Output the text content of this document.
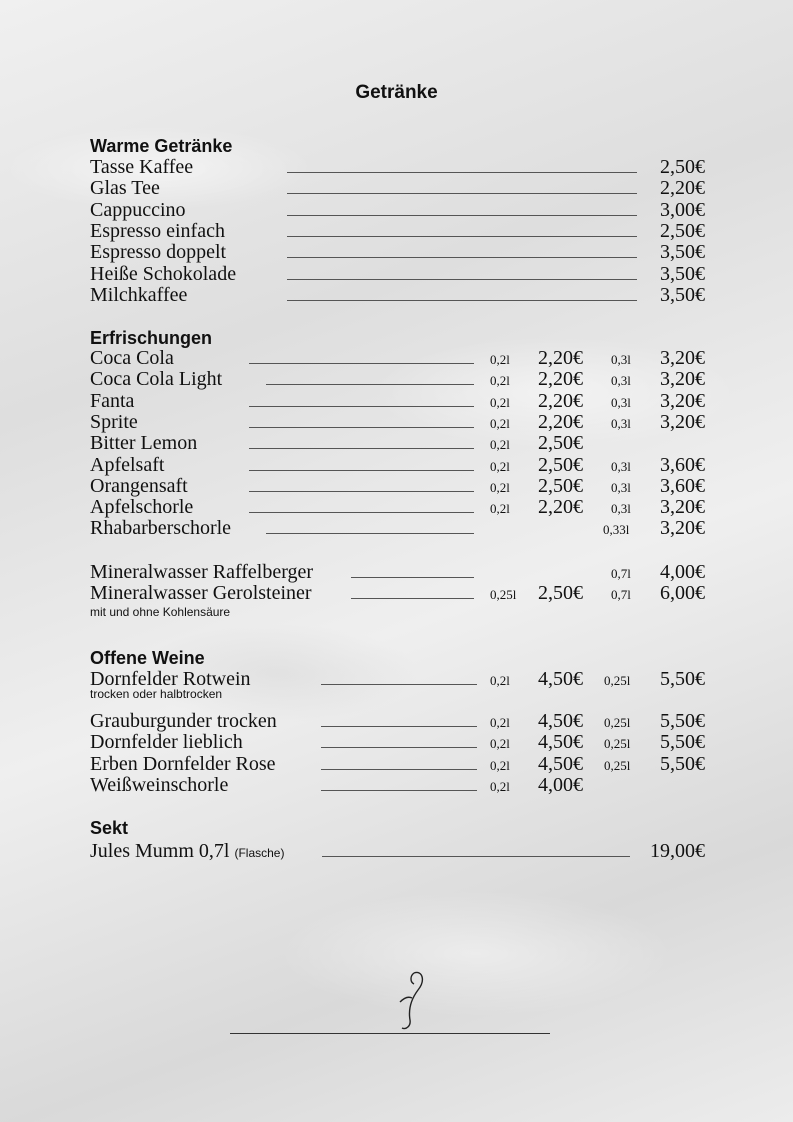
Getränke
Warme Getränke
Tasse Kaffee	2,50€
Glas Tee	2,20€
Cappuccino	3,00€
Espresso einfach	2,50€
Espresso doppelt	3,50€
Heiße Schokolade	3,50€
Milchkaffee	3,50€
Erfrischungen
Coca Cola	0,2l 2,20€ 0,3l 3,20€
Coca Cola Light	0,2l 2,20€ 0,3l 3,20€
Fanta	0,2l 2,20€ 0,3l 3,20€
Sprite	0,2l 2,20€ 0,3l 3,20€
Bitter Lemon	0,2l 2,50€
Apfelsaft	0,2l 2,50€ 0,3l 3,60€
Orangensaft	0,2l 2,50€ 0,3l 3,60€
Apfelschorle	0,2l 2,20€ 0,3l 3,20€
Rhabarberschorle	0,33l 3,20€
Mineralwasser Raffelberger	0,7l 4,00€
Mineralwasser Gerolsteiner	0,25l 2,50€ 0,7l 6,00€
mit und ohne Kohlensäure
Offene Weine
Dornfelder Rotwein	0,2l 4,50€ 0,25l 5,50€
trocken oder halbtrocken
Grauburgunder trocken	0,2l 4,50€ 0,25l 5,50€
Dornfelder lieblich	0,2l 4,50€ 0,25l 5,50€
Erben Dornfelder Rose	0,2l 4,50€ 0,25l 5,50€
Weißweinschorle	0,2l 4,00€
Sekt
Jules Mumm 0,7l (Flasche)	19,00€
